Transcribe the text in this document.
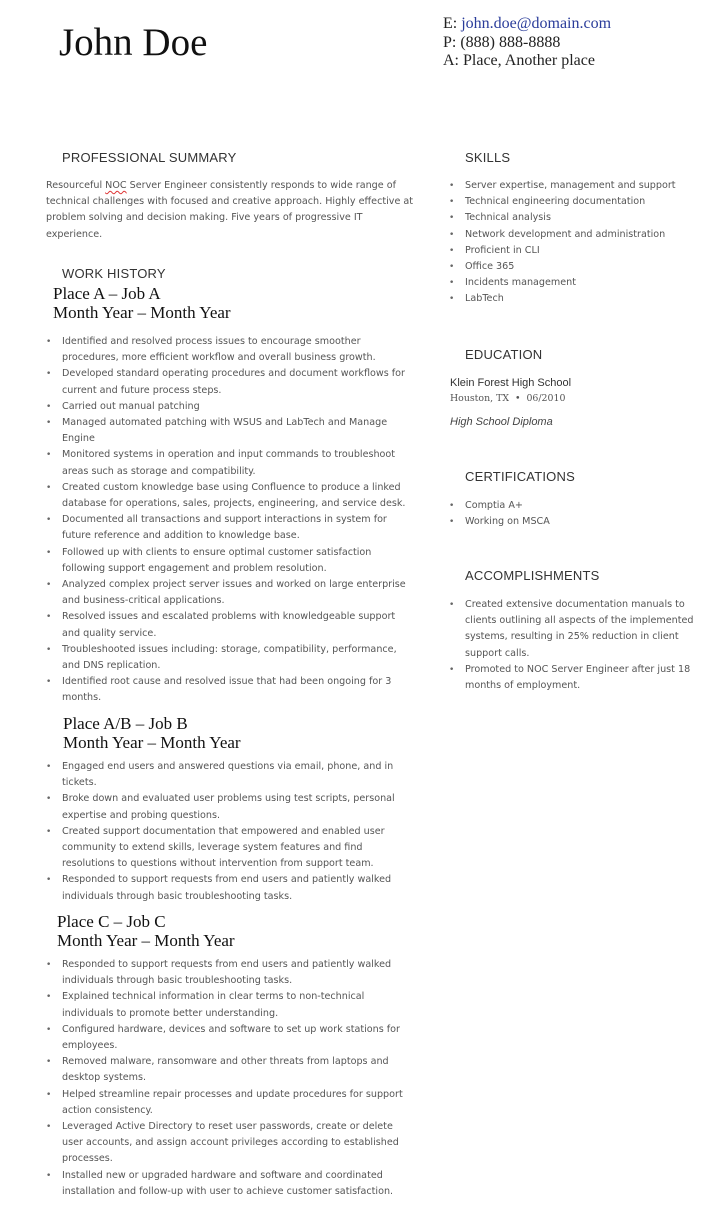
John Doe	E: john.doe@domain.com
P: (888) 888-8888
A: Place, Another place
PROFESSIONAL SUMMARY
Resourceful NOC Server Engineer consistently responds to wide range of technical challenges with focused and creative approach. Highly effective at problem solving and decision making. Five years of progressive IT experience.
WORK HISTORY
Place A – Job A
Month Year – Month Year
• Identified and resolved process issues to encourage smoother procedures, more efficient workflow and overall business growth.
• Developed standard operating procedures and document workflows for current and future process steps.
• Carried out manual patching
• Managed automated patching with WSUS and LabTech and Manage Engine
• Monitored systems in operation and input commands to troubleshoot areas such as storage and compatibility.
• Created custom knowledge base using Confluence to produce a linked database for operations, sales, projects, engineering, and service desk.
• Documented all transactions and support interactions in system for future reference and addition to knowledge base.
• Followed up with clients to ensure optimal customer satisfaction following support engagement and problem resolution.
• Analyzed complex project server issues and worked on large enterprise and business-critical applications.
• Resolved issues and escalated problems with knowledgeable support and quality service.
• Troubleshooted issues including: storage, compatibility, performance, and DNS replication.
• Identified root cause and resolved issue that had been ongoing for 3 months.
Place A/B – Job B
Month Year – Month Year
• Engaged end users and answered questions via email, phone, and in tickets.
• Broke down and evaluated user problems using test scripts, personal expertise and probing questions.
• Created support documentation that empowered and enabled user community to extend skills, leverage system features and find resolutions to questions without intervention from support team.
• Responded to support requests from end users and patiently walked individuals through basic troubleshooting tasks.
Place C – Job C
Month Year – Month Year
• Responded to support requests from end users and patiently walked individuals through basic troubleshooting tasks.
• Explained technical information in clear terms to non-technical individuals to promote better understanding.
• Configured hardware, devices and software to set up work stations for employees.
• Removed malware, ransomware and other threats from laptops and desktop systems.
• Helped streamline repair processes and update procedures for support action consistency.
• Leveraged Active Directory to reset user passwords, create or delete user accounts, and assign account privileges according to established processes.
• Installed new or upgraded hardware and software and coordinated installation and follow-up with user to achieve customer satisfaction.
SKILLS
• Server expertise, management and support
• Technical engineering documentation
• Technical analysis
• Network development and administration
• Proficient in CLI
• Office 365
• Incidents management
• LabTech
EDUCATION
Klein Forest High School
Houston, TX  •  06/2010
High School Diploma
CERTIFICATIONS
• Comptia A+
• Working on MSCA
ACCOMPLISHMENTS
• Created extensive documentation manuals to clients outlining all aspects of the implemented systems, resulting in 25% reduction in client support calls.
• Promoted to NOC Server Engineer after just 18 months of employment.
